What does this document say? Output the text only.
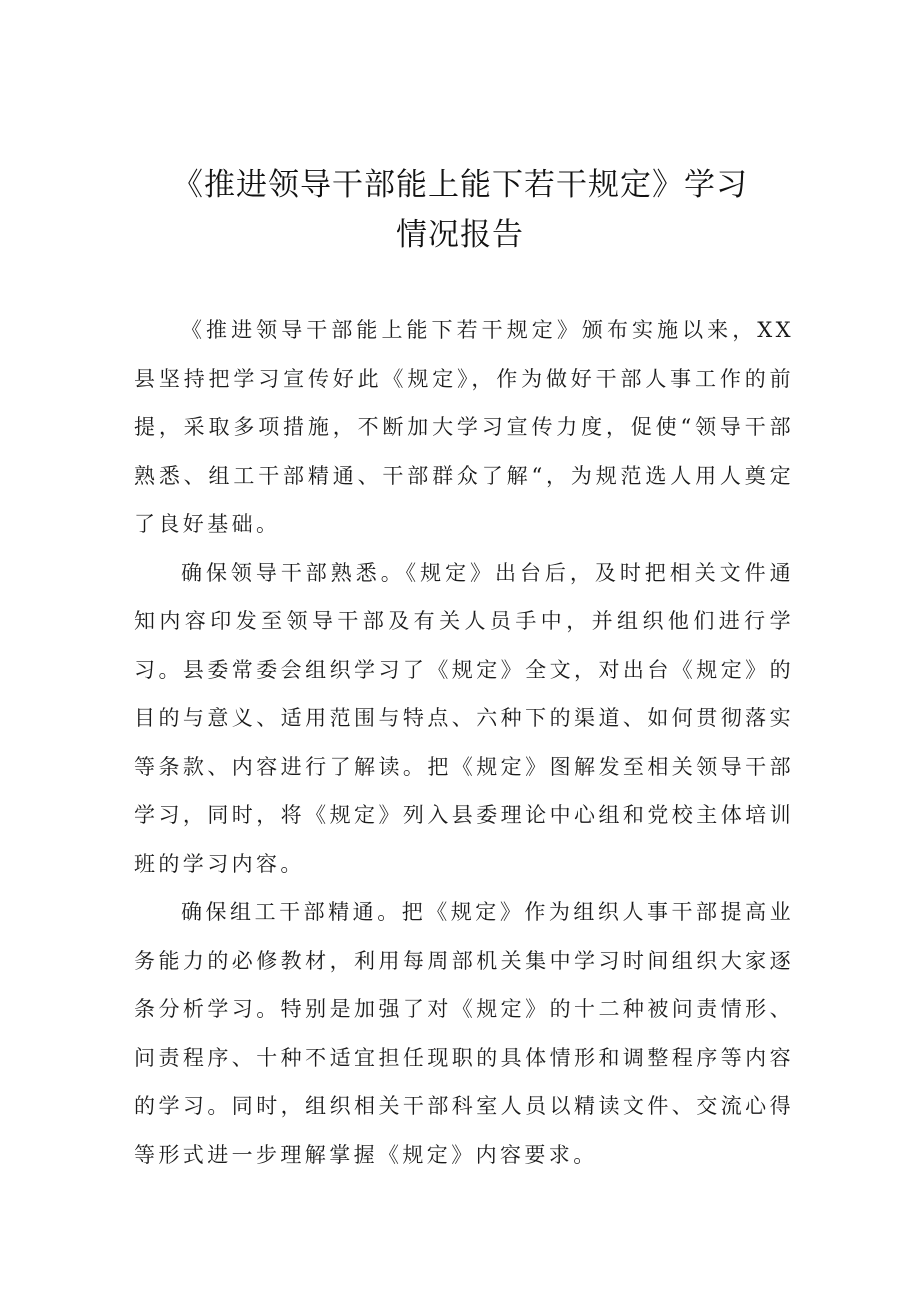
《推进领导干部能上能下若干规定》学习
情况报告

《推进领导干部能上能下若干规定》颁布实施以来，XX县坚持把学习宣传好此《规定》，作为做好干部人事工作的前提，采取多项措施，不断加大学习宣传力度，促使“领导干部熟悉、组工干部精通、干部群众了解“，为规范选人用人奠定了良好基础。

确保领导干部熟悉。《规定》出台后，及时把相关文件通知内容印发至领导干部及有关人员手中，并组织他们进行学习。县委常委会组织学习了《规定》全文，对出台《规定》的目的与意义、适用范围与特点、六种下的渠道、如何贯彻落实等条款、内容进行了解读。把《规定》图解发至相关领导干部学习，同时，将《规定》列入县委理论中心组和党校主体培训班的学习内容。

确保组工干部精通。把《规定》作为组织人事干部提高业务能力的必修教材，利用每周部机关集中学习时间组织大家逐条分析学习。特别是加强了对《规定》的十二种被问责情形、问责程序、十种不适宜担任现职的具体情形和调整程序等内容的学习。同时，组织相关干部科室人员以精读文件、交流心得等形式进一步理解掌握《规定》内容要求。
